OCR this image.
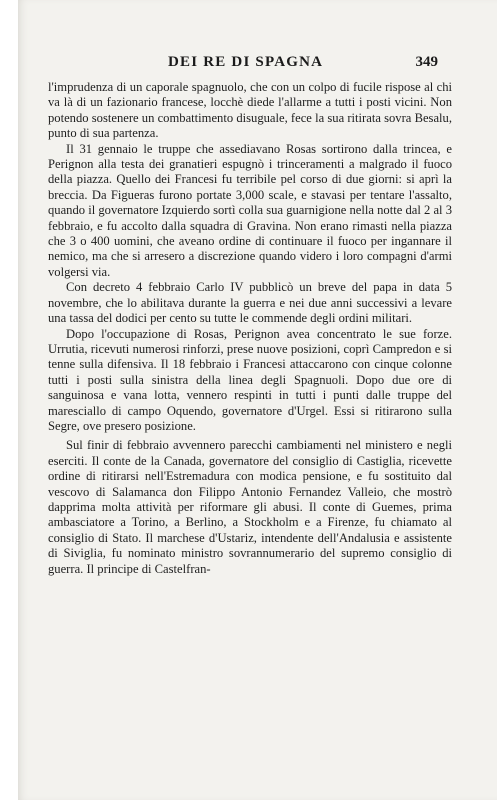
DEI RE DI SPAGNA	349

l'imprudenza di un caporale spagnuolo, che con un colpo di fucile rispose al chi va là di un fazionario francese, locchè diede l'allarme a tutti i posti vicini. Non potendo sostenere un combattimento disuguale, fece la sua ritirata sovra Besalu, punto di sua partenza.

Il 31 gennaio le truppe che assediavano Rosas sortirono dalla trincea, e Perignon alla testa dei granatieri espugnò i trinceramenti a malgrado il fuoco della piazza. Quello dei Francesi fu terribile pel corso di due giorni: si aprì la breccia. Da Figueras furono portate 3,000 scale, e stavasi per tentare l'assalto, quando il governatore Izquierdo sortì colla sua guarnigione nella notte dal 2 al 3 febbraio, e fu accolto dalla squadra di Gravina. Non erano rimasti nella piazza che 3 o 400 uomini, che aveano ordine di continuare il fuoco per ingannare il nemico, ma che si arresero a discrezione quando videro i loro compagni d'armi volgersi via.

Con decreto 4 febbraio Carlo IV pubblicò un breve del papa in data 5 novembre, che lo abilitava durante la guerra e nei due anni successivi a levare una tassa del dodici per cento su tutte le commende degli ordini militari.

Dopo l'occupazione di Rosas, Perignon avea concentrato le sue forze. Urrutia, ricevuti numerosi rinforzi, prese nuove posizioni, coprì Campredon e si tenne sulla difensiva. Il 18 febbraio i Francesi attaccarono con cinque colonne tutti i posti sulla sinistra della linea degli Spagnuoli. Dopo due ore di sanguinosa e vana lotta, vennero respinti in tutti i punti dalle truppe del maresciallo di campo Oquendo, governatore d'Urgel. Essi si ritirarono sulla Segre, ove presero posizione.

Sul finir di febbraio avvennero parecchi cambiamenti nel ministero e negli eserciti. Il conte de la Canada, governatore del consiglio di Castiglia, ricevette ordine di ritirarsi nell'Estremadura con modica pensione, e fu sostituito dal vescovo di Salamanca don Filippo Antonio Fernandez Valleio, che mostrò dapprima molta attività per riformare gli abusi. Il conte di Guemes, prima ambasciatore a Torino, a Berlino, a Stockholm e a Firenze, fu chiamato al consiglio di Stato. Il marchese d'Ustariz, intendente dell'Andalusia e assistente di Siviglia, fu nominato ministro sovrannumerario del supremo consiglio di guerra. Il principe di Castelfran-
